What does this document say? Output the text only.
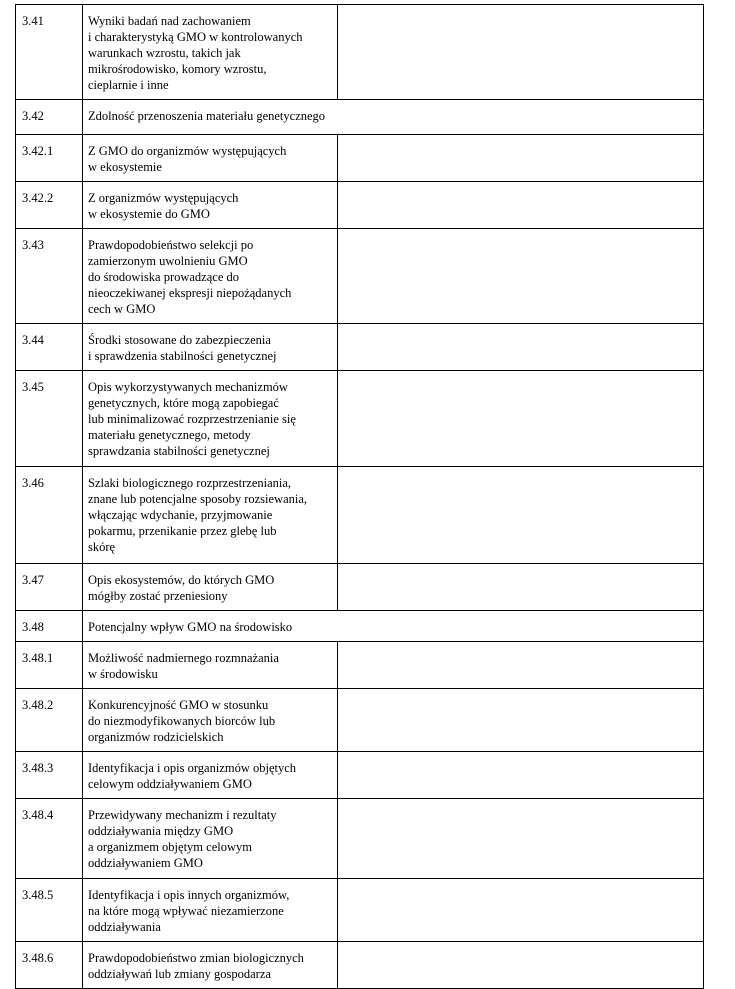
3.41	Wyniki badań nad zachowaniem
i charakterystyką GMO w kontrolowanych
warunkach wzrostu, takich jak
mikrośrodowisko, komory wzrostu,
cieplarnie i inne	

3.42	Zdolność przenoszenia materiału genetycznego	

3.42.1	Z GMO do organizmów występujących
w ekosystemie	

3.42.2	Z organizmów występujących
w ekosystemie do GMO	

3.43	Prawdopodobieństwo selekcji po
zamierzonym uwolnieniu GMO
do środowiska prowadzące do
nieoczekiwanej ekspresji niepożądanych
cech w GMO	

3.44	Środki stosowane do zabezpieczenia
i sprawdzenia stabilności genetycznej	

3.45	Opis wykorzystywanych mechanizmów
genetycznych, które mogą zapobiegać
lub minimalizować rozprzestrzenianie się
materiału genetycznego, metody
sprawdzania stabilności genetycznej	

3.46	Szlaki biologicznego rozprzestrzeniania,
znane lub potencjalne sposoby rozsiewania,
włączając wdychanie, przyjmowanie
pokarmu, przenikanie przez glebę lub
skórę	

3.47	Opis ekosystemów, do których GMO
mógłby zostać przeniesiony	

3.48	Potencjalny wpływ GMO na środowisko	

3.48.1	Możliwość nadmiernego rozmnażania
w środowisku	

3.48.2	Konkurencyjność GMO w stosunku
do niezmodyfikowanych biorców lub
organizmów rodzicielskich	

3.48.3	Identyfikacja i opis organizmów objętych
celowym oddziaływaniem GMO	

3.48.4	Przewidywany mechanizm i rezultaty
oddziaływania między GMO
a organizmem objętym celowym
oddziaływaniem GMO	

3.48.5	Identyfikacja i opis innych organizmów,
na które mogą wpływać niezamierzone
oddziaływania	

3.48.6	Prawdopodobieństwo zmian biologicznych
oddziaływań lub zmiany gospodarza	
